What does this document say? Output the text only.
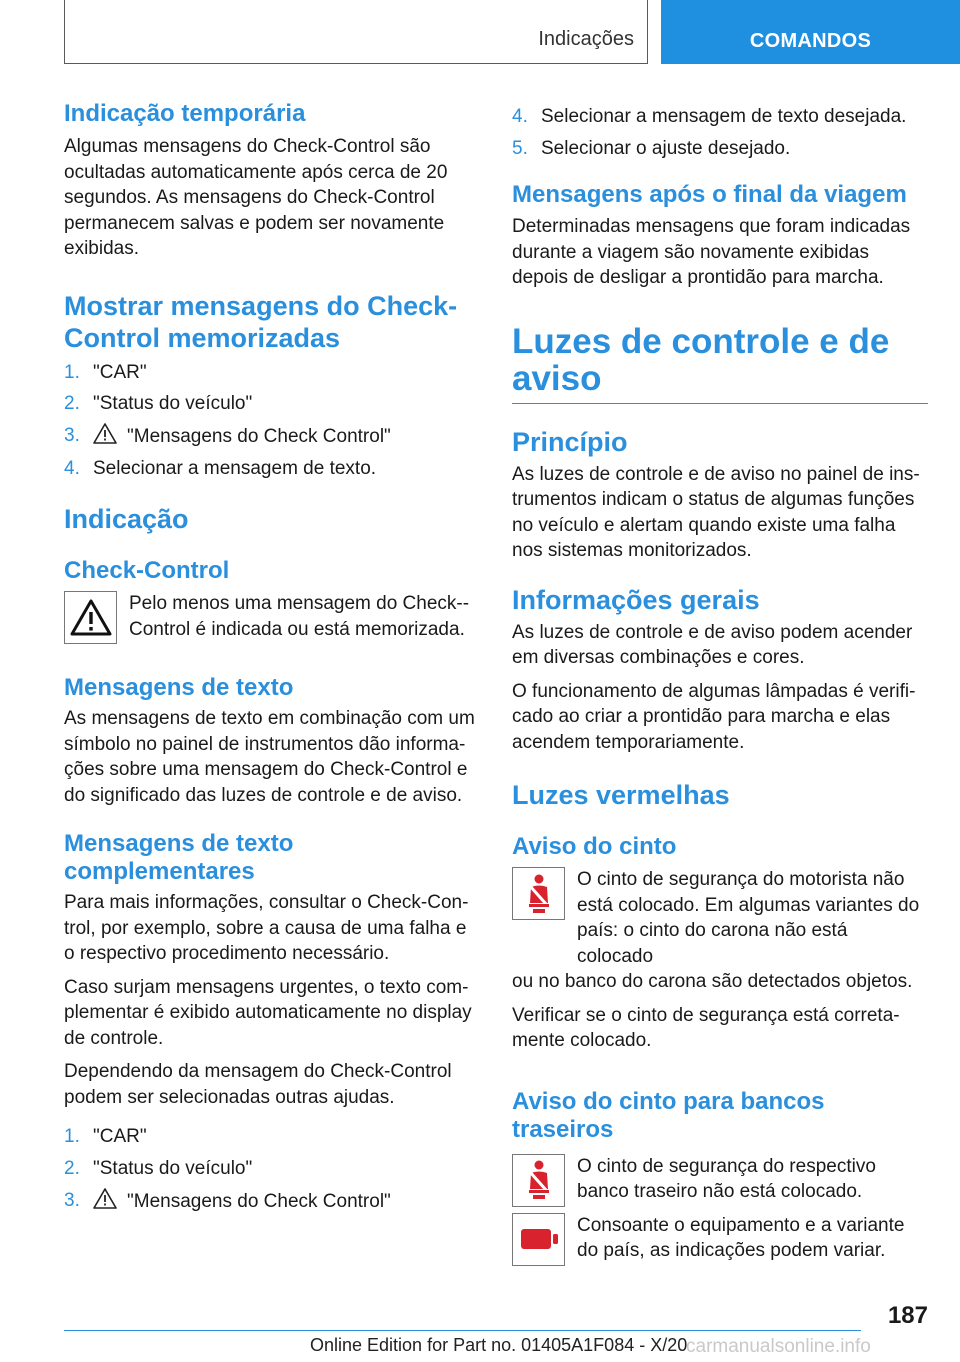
Indicações	COMANDOS
Indicação temporária

Algumas mensagens do Check-Control são ocultadas automaticamente após cerca de 20 segundos. As mensagens do Check-Control permanecem salvas e podem ser novamente exibidas.

Mostrar mensagens do Check-Control memorizadas
1. "CAR"
2. "Status do veículo"
3.	"Mensagens do Check Control"
4. Selecionar a mensagem de texto.
Indicação
Check-Control
Pelo menos uma mensagem do Check--Control é indicada ou está memorizada.
Mensagens de texto

As mensagens de texto em combinação com um símbolo no painel de instrumentos dão informa-ções sobre uma mensagem do Check-Control e do significado das luzes de controle e de aviso.

Mensagens de texto complementares

Para mais informações, consultar o Check-Con-trol, por exemplo, sobre a causa de uma falha e o respectivo procedimento necessário.

Caso surjam mensagens urgentes, o texto com-plementar é exibido automaticamente no display de controle.

Dependendo da mensagem do Check-Control podem ser selecionadas outras ajudas.

1. "CAR"
2. "Status do veículo"
3.	"Mensagens do Check Control"
4. Selecionar a mensagem de texto desejada.
5. Selecionar o ajuste desejado.
Mensagens após o final da viagem

Determinadas mensagens que foram indicadas durante a viagem são novamente exibidas depois de desligar a prontidão para marcha.

Luzes de controle e de aviso
Princípio

As luzes de controle e de aviso no painel de ins-trumentos indicam o status de algumas funções no veículo e alertam quando existe uma falha nos sistemas monitorizados.

Informações gerais

As luzes de controle e de aviso podem acender em diversas combinações e cores.

O funcionamento de algumas lâmpadas é verifi-cado ao criar a prontidão para marcha e elas acendem temporariamente.

Luzes vermelhas
Aviso do cinto
O cinto de segurança do motorista não está colocado. Em algumas variantes do país: o cinto do carona não está colocado

ou no banco do carona são detectados objetos.

Verificar se o cinto de segurança está correta-mente colocado.

Aviso do cinto para bancos traseiros
O cinto de segurança do respectivo banco traseiro não está colocado.
Consoante o equipamento e a variante do país, as indicações podem variar.
187
Online Edition for Part no. 01405A1F084 - X/20
carmanualsonline.info
